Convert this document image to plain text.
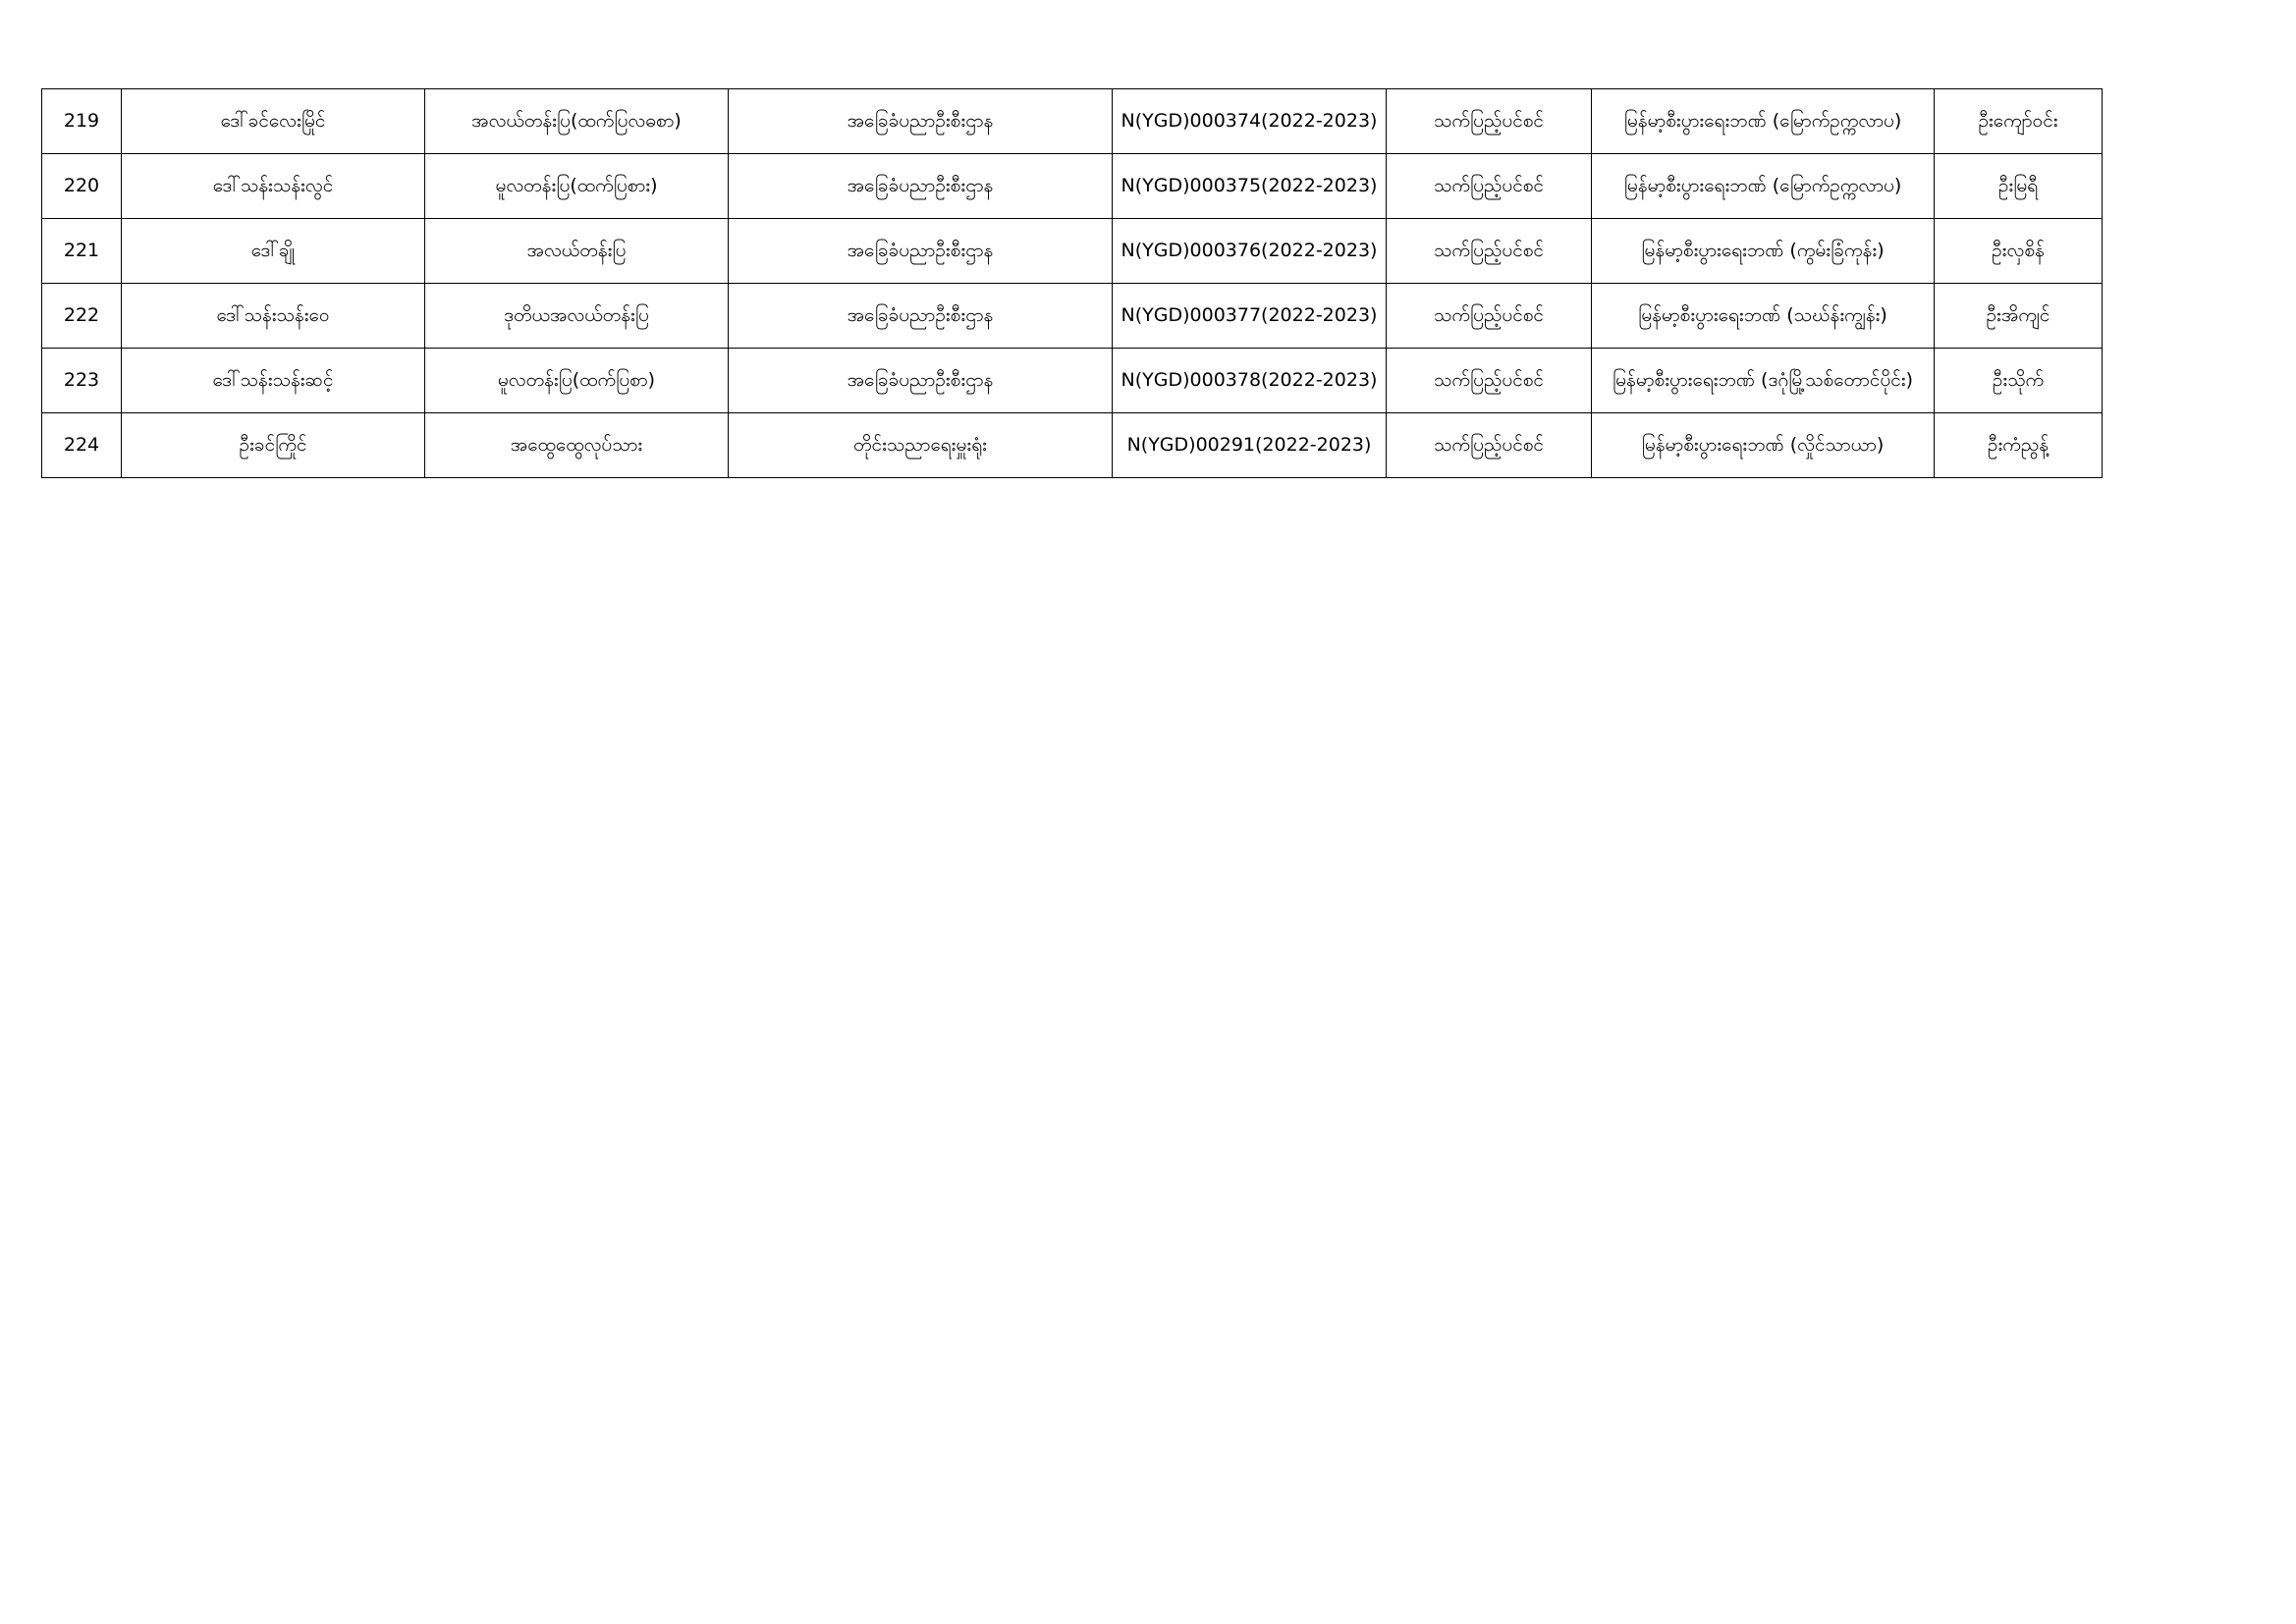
219	ဒေါ်ခင်လေးမြိုင်	အလယ်တန်းပြ(ထက်ပြလဓစာ)	အခြေခံပညာဦးစီးဌာန	N(YGD)000374(2022-2023)	သက်ပြည့်ပင်စင်	မြန်မာ့စီးပွားရေးဘဏ် (မြောက်ဥက္ကလာပ)	ဦးကျော်ဝင်း
220	ဒေါ်သန်းသန်းလွင်	မူလတန်းပြ(ထက်ပြစား)	အခြေခံပညာဦးစီးဌာန	N(YGD)000375(2022-2023)	သက်ပြည့်ပင်စင်	မြန်မာ့စီးပွားရေးဘဏ် (မြောက်ဥက္ကလာပ)	ဦးမြရီ
221	ဒေါ်ချို	အလယ်တန်းပြ	အခြေခံပညာဦးစီးဌာန	N(YGD)000376(2022-2023)	သက်ပြည့်ပင်စင်	မြန်မာ့စီးပွားရေးဘဏ် (ကွမ်းခြံကုန်း)	ဦးလှစိန်
222	ဒေါ်သန်းသန်းဝေ	ဒုတိယအလယ်တန်းပြ	အခြေခံပညာဦးစီးဌာန	N(YGD)000377(2022-2023)	သက်ပြည့်ပင်စင်	မြန်မာ့စီးပွားရေးဘဏ် (သဃ်န်းကျွန်း)	ဦးအိကျင်
223	ဒေါ်သန်းသန်းဆင့်	မူလတန်းပြ(ထက်ပြစာ)	အခြေခံပညာဦးစီးဌာန	N(YGD)000378(2022-2023)	သက်ပြည့်ပင်စင်	မြန်မာ့စီးပွားရေးဘဏ် (ဒဂုံမြို့သစ်တောင်ပိုင်း)	ဦးသိုက်
224	ဦးခင်ကြိုင်	အထွေထွေလုပ်သား	တိုင်းသညာရေးမှူးရုံး	N(YGD)00291(2022-2023)	သက်ပြည့်ပင်စင်	မြန်မာ့စီးပွားရေးဘဏ် (လှိုင်သာယာ)	ဦးကံညွန့်
